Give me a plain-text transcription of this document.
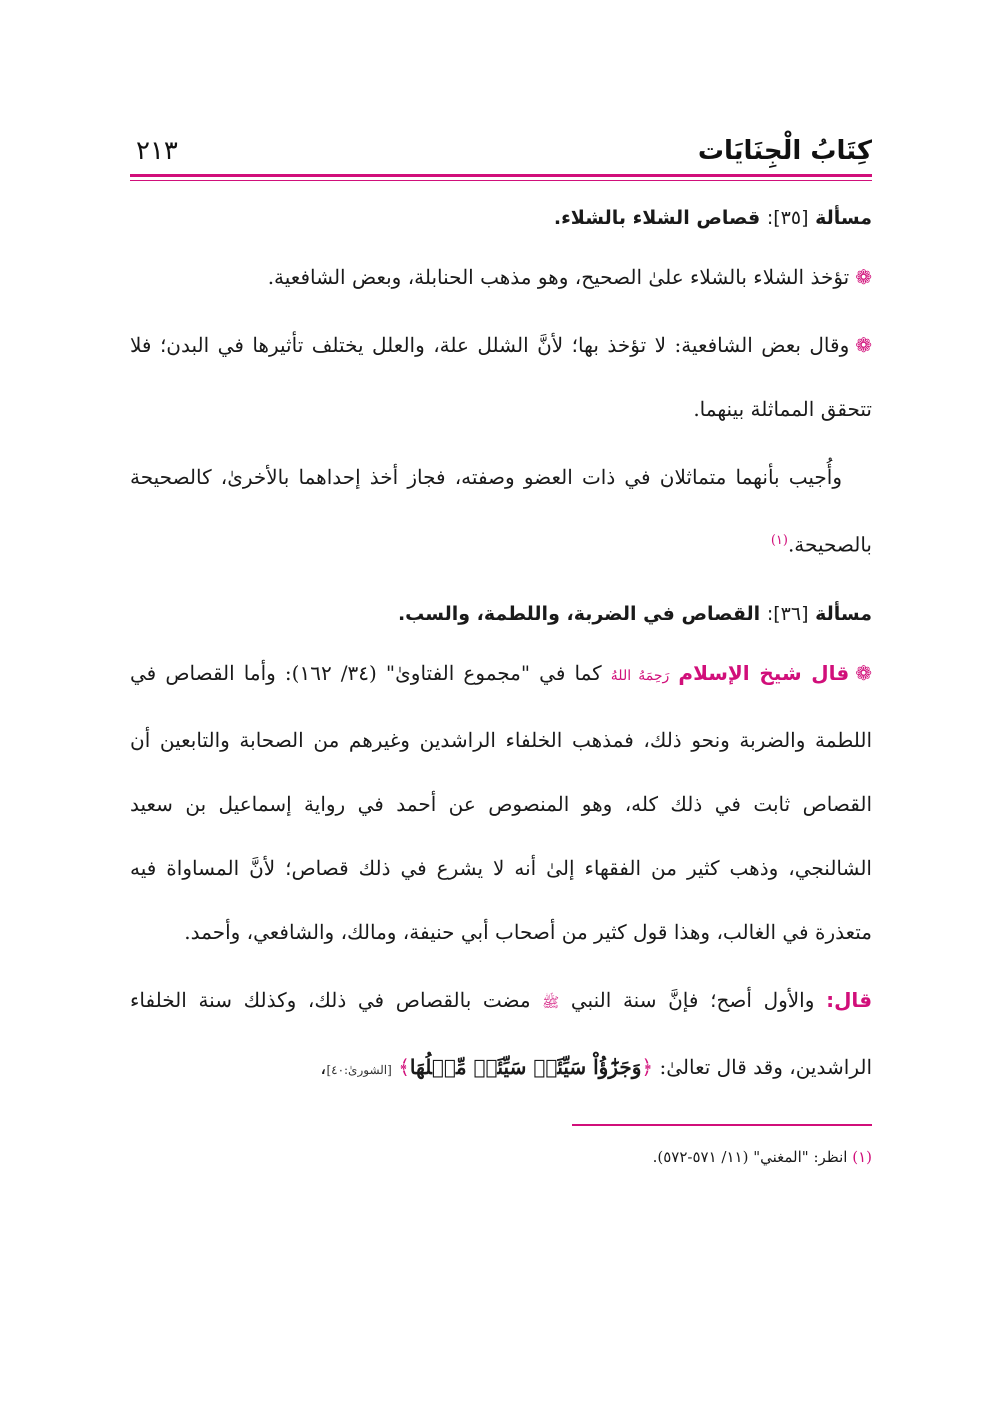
كِتَابُ الْجِنَايَات
٢١٣
مسألة [٣٥]: قصاص الشلاء بالشلاء.

❁تؤخذ الشلاء بالشلاء علىٰ الصحيح، وهو مذهب الحنابلة، وبعض الشافعية.

❁وقال بعض الشافعية: لا تؤخذ بها؛ لأنَّ الشلل علة، والعلل يختلف تأثيرها في البدن؛ فلا تتحقق المماثلة بينهما.

وأُجيب بأنهما متماثلان في ذات العضو وصفته، فجاز أخذ إحداهما بالأخرىٰ، كالصحيحة بالصحيحة.$^{(١)}$

مسألة [٣٦]: القصاص في الضربة، واللطمة، والسب.

❁قال شيخ الإسلام رَحِمَهُ اللهُ كما في "مجموع الفتاوىٰ" (٣٤/ ١٦٢): وأما القصاص في اللطمة والضربة ونحو ذلك، فمذهب الخلفاء الراشدين وغيرهم من الصحابة والتابعين أن القصاص ثابت في ذلك كله، وهو المنصوص عن أحمد في رواية إسماعيل بن سعيد الشالنجي، وذهب كثير من الفقهاء إلىٰ أنه لا يشرع في ذلك قصاص؛ لأنَّ المساواة فيه متعذرة في الغالب، وهذا قول كثير من أصحاب أبي حنيفة، ومالك، والشافعي، وأحمد.

قال: والأول أصح؛ فإنَّ سنة النبي ﷺ مضت بالقصاص في ذلك، وكذلك سنة الخلفاء الراشدين، وقد قال تعالىٰ: ﴿وَجَزَٰٓؤُاْ سَيِّئَةٖ سَيِّئَةٞ مِّثۡلُهَا﴾ [الشورىٰ:٤٠]،

(١) انظر: "المغني" (١١/ ٥٧١-٥٧٢).
